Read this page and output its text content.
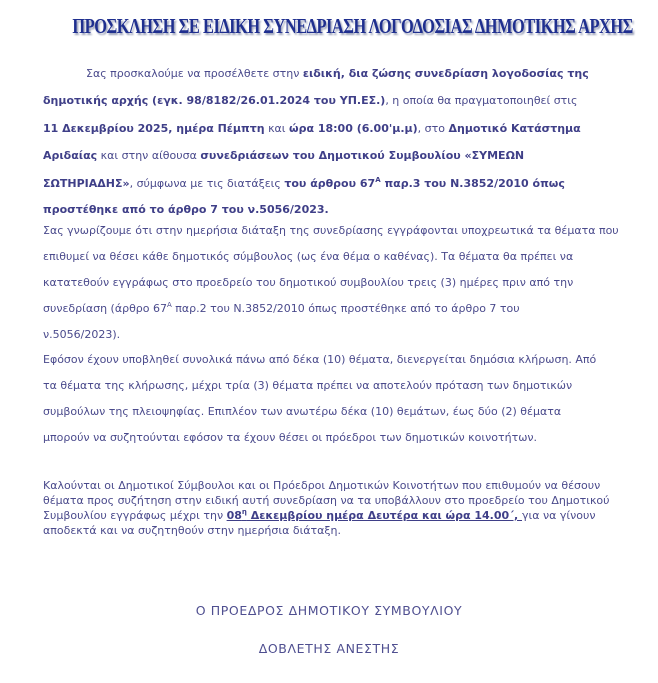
ΠΡΟΣΚΛΗΣΗ ΣΕ ΕΙΔΙΚΗ ΣΥΝΕΔΡΙΑΣΗ ΛΟΓΟΔΟΣΙΑΣ ΔΗΜΟΤΙΚΗΣ ΑΡΧΗΣ
Σας προσκαλούμε να προσέλθετε στην ειδική, δια ζώσης συνεδρίαση λογοδοσίας της
δημοτικής αρχής (εγκ. 98/8182/26.01.2024 του ΥΠ.ΕΣ.), η οποία θα πραγματοποιηθεί στις
11 Δεκεμβρίου 2025, ημέρα Πέμπτη και ώρα 18:00 (6.00'μ.μ), στο Δημοτικό Κατάστημα
Αριδαίας και στην αίθουσα συνεδριάσεων του Δημοτικού Συμβουλίου «ΣΥΜΕΩΝ
ΣΩΤΗΡΙΑΔΗΣ», σύμφωνα με τις διατάξεις του άρθρου $67^A$ παρ.3 του Ν.3852/2010 όπως
προστέθηκε από το άρθρο 7 του ν.5056/2023.
Σας γνωρίζουμε ότι στην ημερήσια διάταξη της συνεδρίασης εγγράφονται υποχρεωτικά τα θέματα που
επιθυμεί να θέσει κάθε δημοτικός σύμβουλος (ως ένα θέμα ο καθένας). Τα θέματα θα πρέπει να
κατατεθούν εγγράφως στο προεδρείο του δημοτικού συμβουλίου τρεις (3) ημέρες πριν από την
συνεδρίαση (άρθρο $67^A$ παρ.2 του Ν.3852/2010 όπως προστέθηκε από το άρθρο 7 του
ν.5056/2023).
Εφόσον έχουν υποβληθεί συνολικά πάνω από δέκα (10) θέματα, διενεργείται δημόσια κλήρωση. Από
τα θέματα της κλήρωσης, μέχρι τρία (3) θέματα πρέπει να αποτελούν πρόταση των δημοτικών
συμβούλων της πλειοψηφίας. Επιπλέον των ανωτέρω δέκα (10) θεμάτων, έως δύο (2) θέματα
μπορούν να συζητούνται εφόσον τα έχουν θέσει οι πρόεδροι των δημοτικών κοινοτήτων.
Καλούνται οι Δημοτικοί Σύμβουλοι και οι Πρόεδροι Δημοτικών Κοινοτήτων που επιθυμούν να θέσουν
θέματα προς συζήτηση στην ειδική αυτή συνεδρίαση να τα υποβάλλουν στο προεδρείο του Δημοτικού
Συμβουλίου εγγράφως μέχρι την $08^\eta$ Δεκεμβρίου ημέρα Δευτέρα και ώρα 14.00΄, για να γίνουν
αποδεκτά και να συζητηθούν στην ημερήσια διάταξη.
Ο ΠΡΟΕΔΡΟΣ ΔΗΜΟΤΙΚΟΥ ΣΥΜΒΟΥΛΙΟΥ
ΔΟΒΛΕΤΗΣ ΑΝΕΣΤΗΣ
